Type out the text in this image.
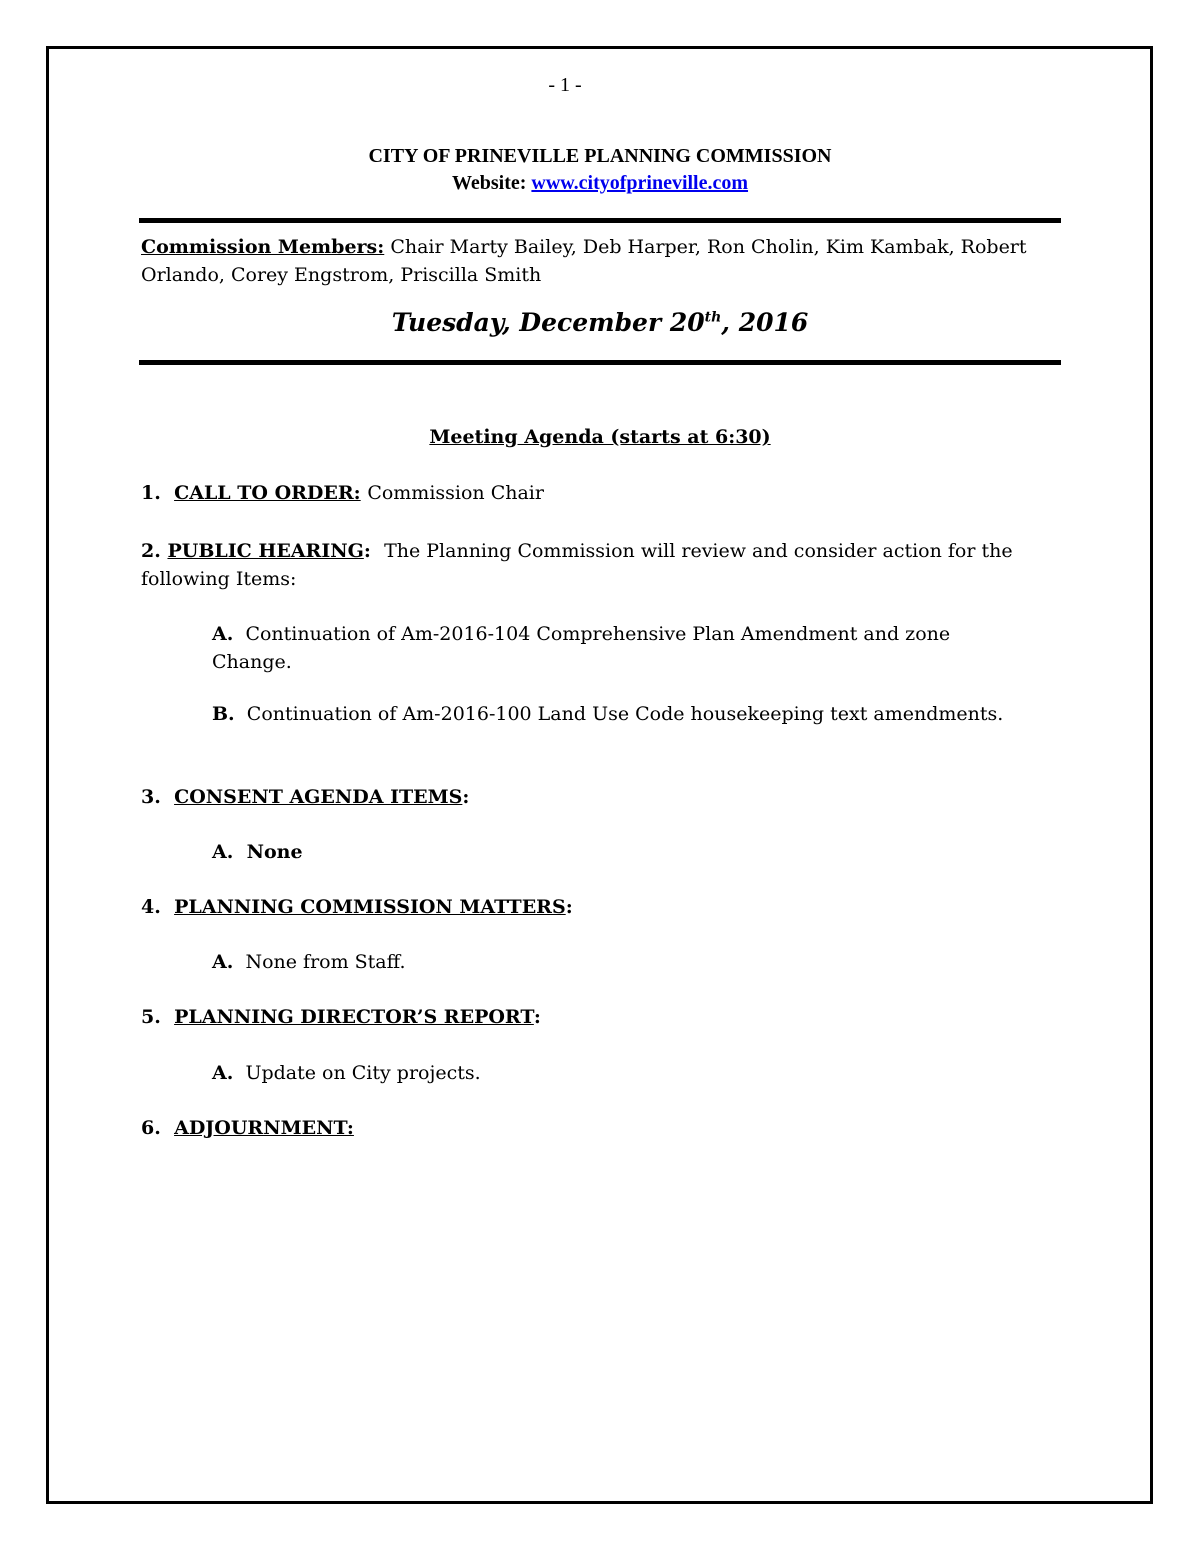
- 1 -
CITY OF PRINEVILLE PLANNING COMMISSION
Website: www.cityofprineville.com
Commission Members: Chair Marty Bailey, Deb Harper, Ron Cholin, Kim Kambak, Robert Orlando, Corey Engstrom, Priscilla Smith
Tuesday, December 20th, 2016
Meeting Agenda (starts at 6:30)
1. CALL TO ORDER: Commission Chair
2. PUBLIC HEARING: The Planning Commission will review and consider action for the following Items:
A. Continuation of Am-2016-104 Comprehensive Plan Amendment and zone Change.
B. Continuation of Am-2016-100 Land Use Code housekeeping text amendments.
3. CONSENT AGENDA ITEMS:
A. None
4. PLANNING COMMISSION MATTERS:
A. None from Staff.
5. PLANNING DIRECTOR’S REPORT:
A. Update on City projects.
6. ADJOURNMENT:
